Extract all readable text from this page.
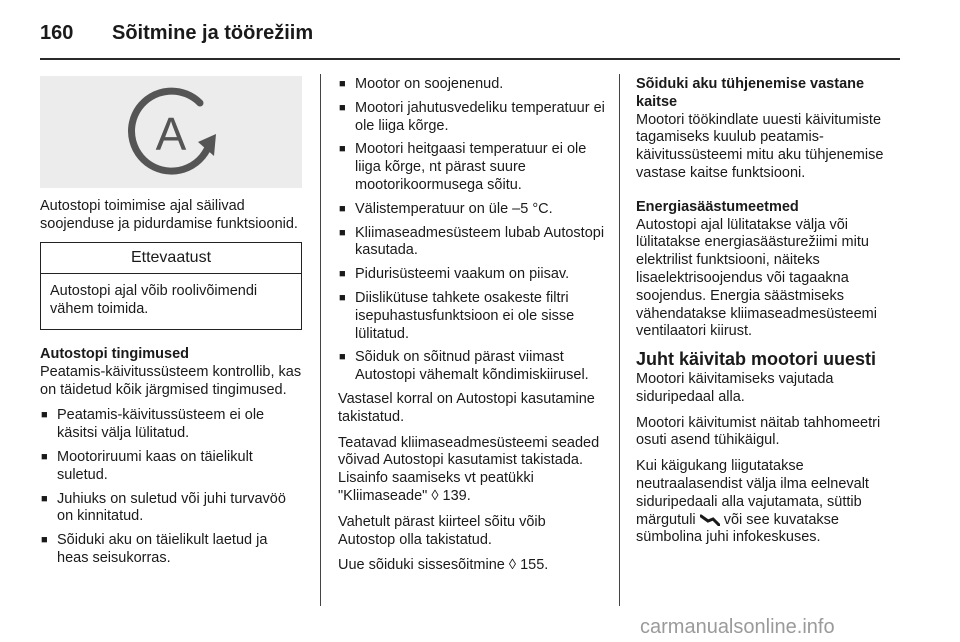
160 Sõitmine ja töörežiim
A

Autostopi toimimise ajal säilivad soojenduse ja pidurdamise funktsioonid.

Ettevaatust
Autostopi ajal võib roolivõimendi vähem toimida.
Autostopi tingimused

Peatamis-käivitussüsteem kontrollib, kas on täidetud kõik järgmised tingimused.

■ Peatamis-käivitussüsteem ei ole käsitsi välja lülitatud.
■ Mootoriruumi kaas on täielikult suletud.
■ Juhiuks on suletud või juhi turvavöö on kinnitatud.
■ Sõiduki aku on täielikult laetud ja heas seisukorras.
■ Mootor on soojenenud.
■ Mootori jahutusvedeliku temperatuur ei ole liiga kõrge.
■ Mootori heitgaasi temperatuur ei ole liiga kõrge, nt pärast suure mootorikoormusega sõitu.
■ Välistemperatuur on üle –5 °C.
■ Kliimaseadmesüsteem lubab Autostopi kasutada.
■ Pidurisüsteemi vaakum on piisav.
■ Diislikütuse tahkete osakeste filtri isepuhastusfunktsioon ei ole sisse lülitatud.
■ Sõiduk on sõitnud pärast viimast Autostopi vähemalt kõndimiskiirusel.

Vastasel korral on Autostopi kasutamine takistatud.

Teatavad kliimaseadmesüsteemi seaded võivad Autostopi kasutamist takistada. Lisainfo saamiseks vt peatükki "Kliimaseade" ◊ 139.

Vahetult pärast kiirteel sõitu võib Autostop olla takistatud.

Uue sõiduki sissesõitmine ◊ 155.

Sõiduki aku tühjenemise vastane kaitse

Mootori töökindlate uuesti käivitumiste tagamiseks kuulub peatamis-käivitussüsteemi mitu aku tühjenemise vastase kaitse funktsiooni.

Energiasäästumeetmed

Autostopi ajal lülitatakse välja või lülitatakse energiasäästurežiimi mitu elektrilist funktsiooni, näiteks lisaelektrisoojendus või tagaakna soojendus. Energia säästmiseks vähendatakse kliimaseadmesüsteemi ventilaatori kiirust.

Juht käivitab mootori uuesti

Mootori käivitamiseks vajutada siduripedaal alla.

Mootori käivitumist näitab tahhomeetri osuti asend tühikäigul.

Kui käigukang liigutatakse neutraalasendist välja ilma eelnevalt siduripedaali alla vajutamata, süttib märgutuli  või see kuvatakse sümbolina juhi infokeskuses.

carmanualsonline.info
